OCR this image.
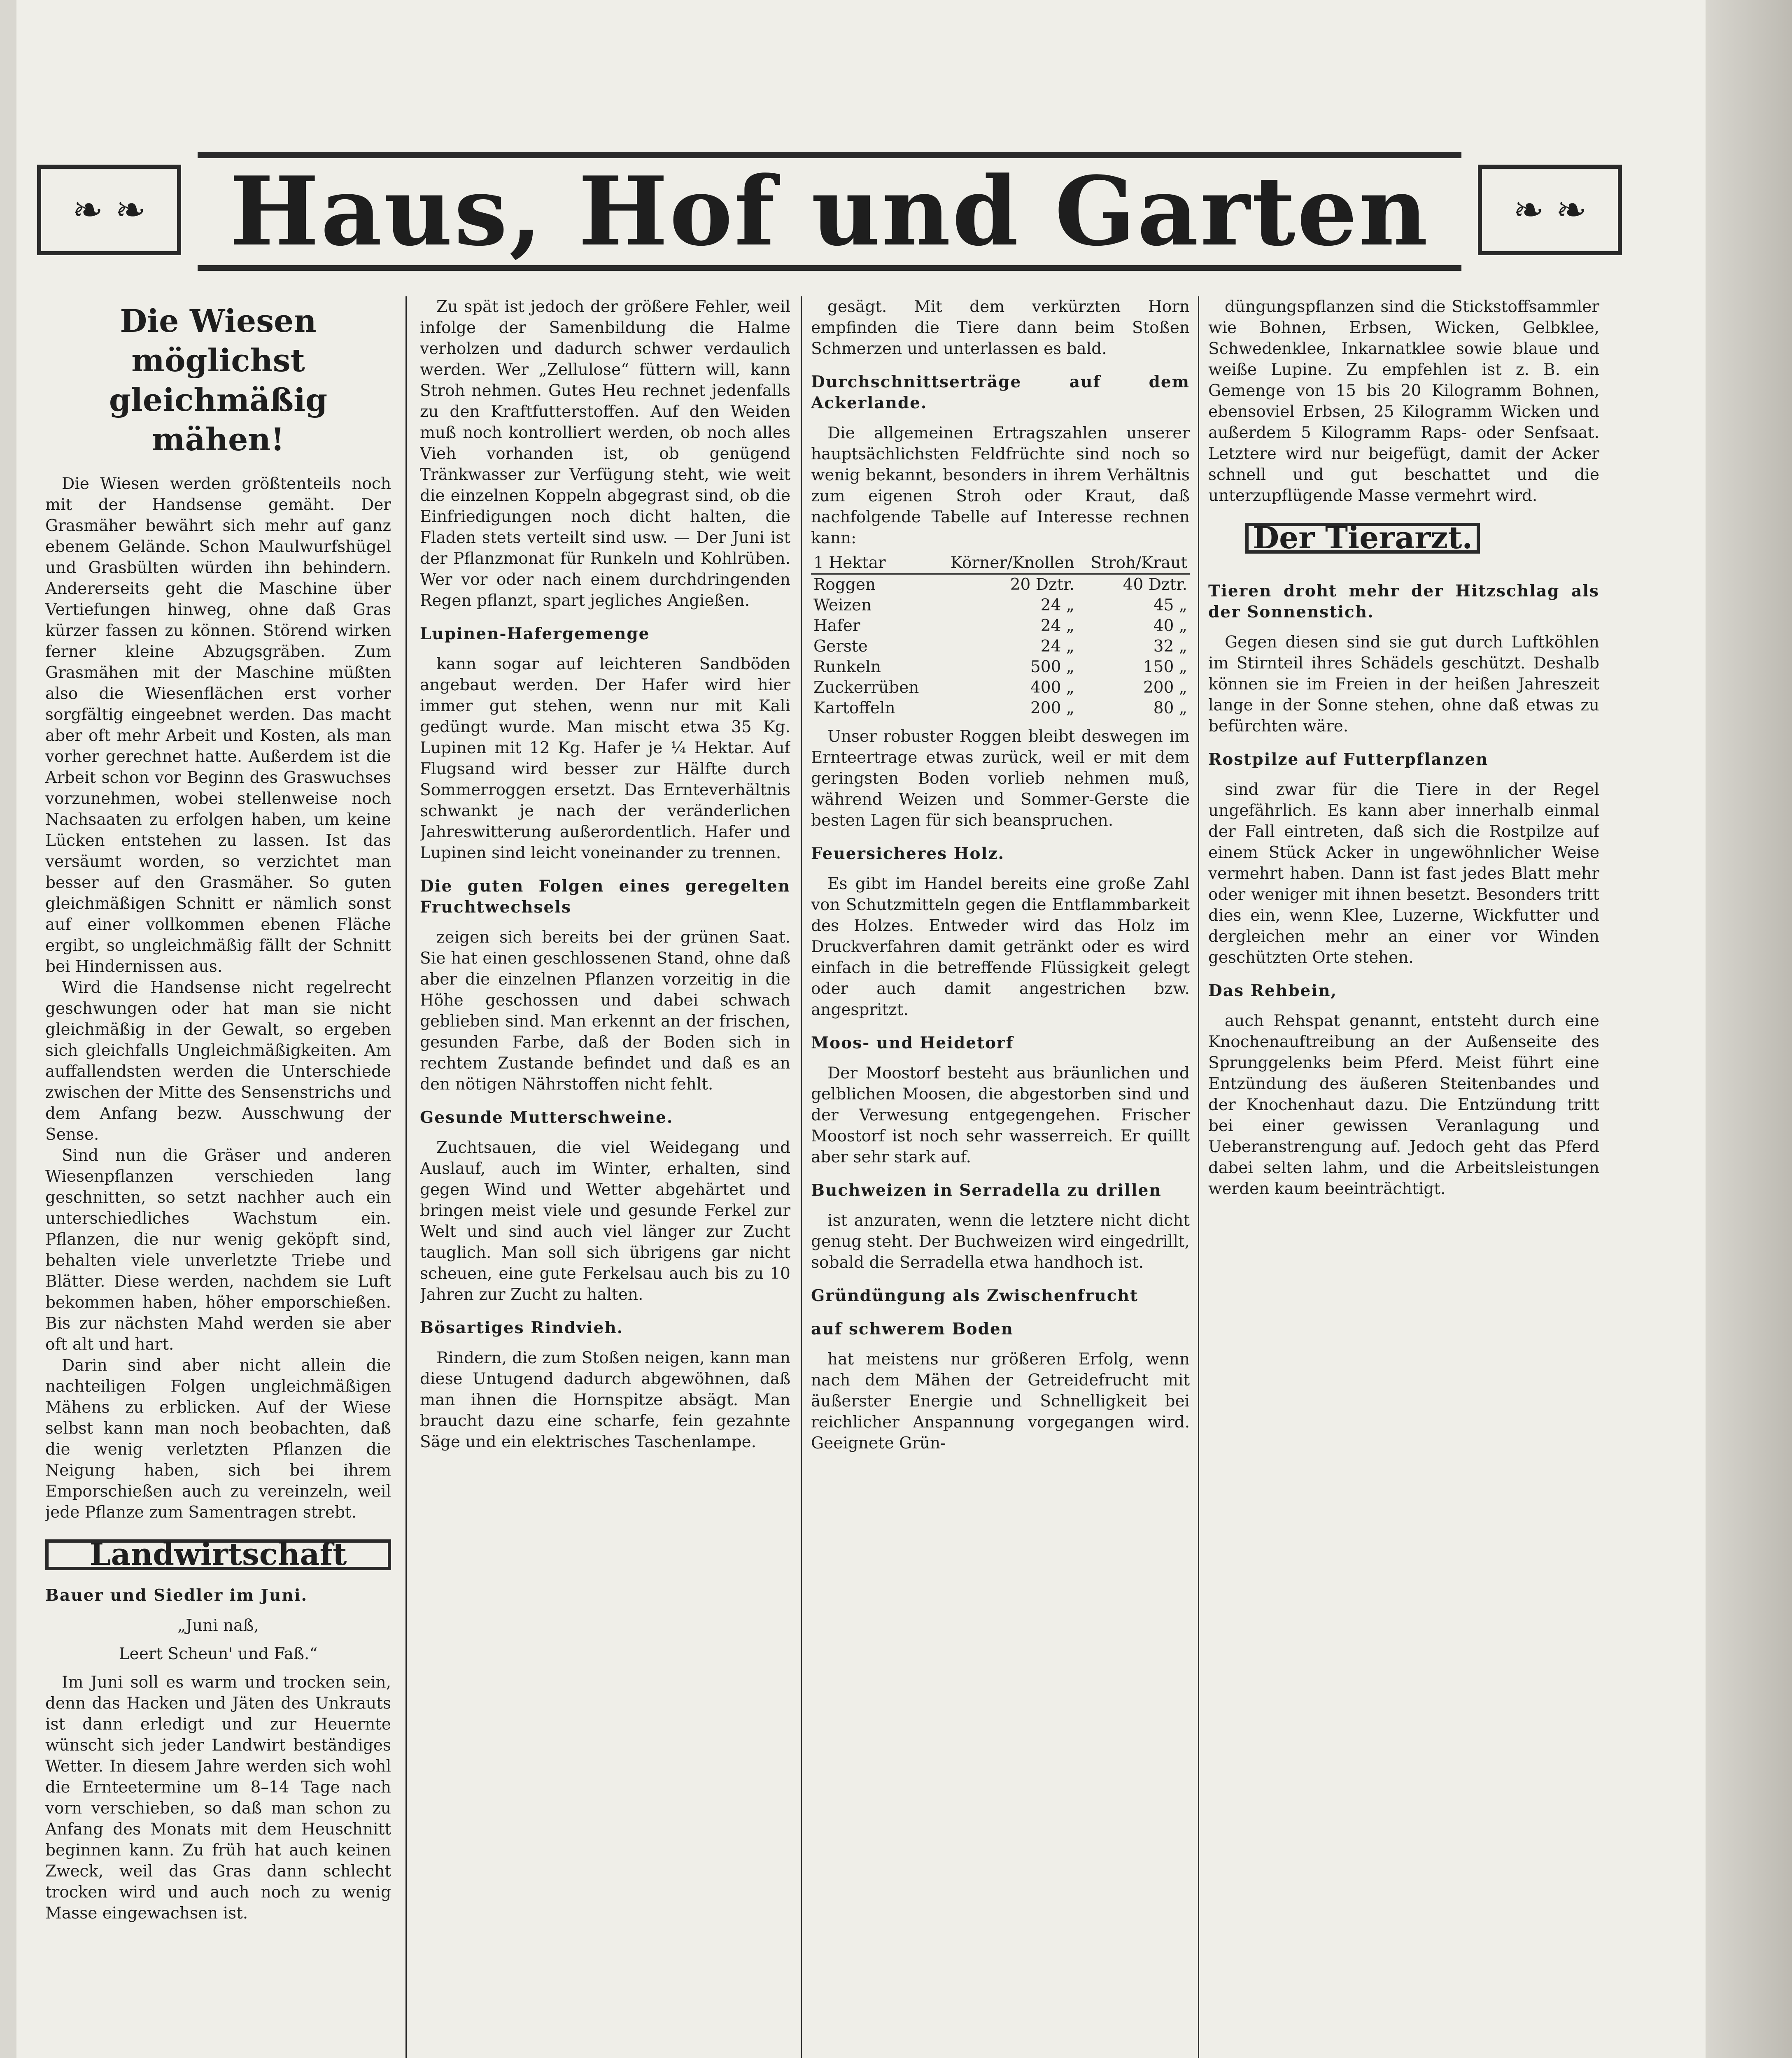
❧ ❧ Haus, Hof und Garten	❧ ❧
Die Wiesen möglichst gleichmäßig mähen!

Die Wiesen werden größtenteils noch mit der Handsense gemäht. Der Grasmäher bewährt sich mehr auf ganz ebenem Gelände. Schon Maulwurfshügel und Grasbülten würden ihn behindern. Andererseits geht die Maschine über Vertiefungen hinweg, ohne daß Gras kürzer fassen zu können. Störend wirken ferner kleine Abzugsgräben. Zum Grasmähen mit der Maschine müßten also die Wiesenflächen erst vorher sorgfältig eingeebnet werden. Das macht aber oft mehr Arbeit und Kosten, als man vorher gerechnet hatte. Außerdem ist die Arbeit schon vor Beginn des Graswuchses vorzunehmen, wobei stellenweise noch Nachsaaten zu erfolgen haben, um keine Lücken entstehen zu lassen. Ist das versäumt worden, so verzichtet man besser auf den Grasmäher. So guten gleichmäßigen Schnitt er nämlich sonst auf einer vollkommen ebenen Fläche ergibt, so ungleichmäßig fällt der Schnitt bei Hindernissen aus.

Wird die Handsense nicht regelrecht geschwungen oder hat man sie nicht gleichmäßig in der Gewalt, so ergeben sich gleichfalls Ungleichmäßigkeiten. Am auffallendsten werden die Unterschiede zwischen der Mitte des Sensenstrichs und dem Anfang bezw. Ausschwung der Sense.

Sind nun die Gräser und anderen Wiesenpflanzen verschieden lang geschnitten, so setzt nachher auch ein unterschiedliches Wachstum ein. Pflanzen, die nur wenig geköpft sind, behalten viele unverletzte Triebe und Blätter. Diese werden, nachdem sie Luft bekommen haben, höher emporschießen. Bis zur nächsten Mahd werden sie aber oft alt und hart.

Darin sind aber nicht allein die nachteiligen Folgen ungleichmäßigen Mähens zu erblicken. Auf der Wiese selbst kann man noch beobachten, daß die wenig verletzten Pflanzen die Neigung haben, sich bei ihrem Emporschießen auch zu vereinzeln, weil jede Pflanze zum Samentragen strebt.

Landwirtschaft
Bauer und Siedler im Juni.
„Juni naß,
Leert Scheun' und Faß.“

Im Juni soll es warm und trocken sein, denn das Hacken und Jäten des Unkrauts ist dann erledigt und zur Heuernte wünscht sich jeder Landwirt beständiges Wetter. In diesem Jahre werden sich wohl die Ernteetermine um 8–14 Tage nach vorn verschieben, so daß man schon zu Anfang des Monats mit dem Heuschnitt beginnen kann. Zu früh hat auch keinen Zweck, weil das Gras dann schlecht trocken wird und auch noch zu wenig Masse eingewachsen ist.

Zu spät ist jedoch der größere Fehler, weil infolge der Samenbildung die Halme verholzen und dadurch schwer verdaulich werden. Wer „Zellulose“ füttern will, kann Stroh nehmen. Gutes Heu rechnet jedenfalls zu den Kraftfutterstoffen. Auf den Weiden muß noch kontrolliert werden, ob noch alles Vieh vorhanden ist, ob genügend Tränkwasser zur Verfügung steht, wie weit die einzelnen Koppeln abgegrast sind, ob die Einfriedigungen noch dicht halten, die Fladen stets verteilt sind usw. — Der Juni ist der Pflanzmonat für Runkeln und Kohlrüben. Wer vor oder nach einem durchdringenden Regen pflanzt, spart jegliches Angießen.

Lupinen-Hafergemenge

kann sogar auf leichteren Sandböden angebaut werden. Der Hafer wird hier immer gut stehen, wenn nur mit Kali gedüngt wurde. Man mischt etwa 35 Kg. Lupinen mit 12 Kg. Hafer je ¼ Hektar. Auf Flugsand wird besser zur Hälfte durch Sommerroggen ersetzt. Das Ernteverhältnis schwankt je nach der veränderlichen Jahreswitterung außerordentlich. Hafer und Lupinen sind leicht voneinander zu trennen.

Die guten Folgen eines geregelten Fruchtwechsels

zeigen sich bereits bei der grünen Saat. Sie hat einen geschlossenen Stand, ohne daß aber die einzelnen Pflanzen vorzeitig in die Höhe geschossen und dabei schwach geblieben sind. Man erkennt an der frischen, gesunden Farbe, daß der Boden sich in rechtem Zustande befindet und daß es an den nötigen Nährstoffen nicht fehlt.

Gesunde Mutterschweine.

Zuchtsauen, die viel Weidegang und Auslauf, auch im Winter, erhalten, sind gegen Wind und Wetter abgehärtet und bringen meist viele und gesunde Ferkel zur Welt und sind auch viel länger zur Zucht tauglich. Man soll sich übrigens gar nicht scheuen, eine gute Ferkelsau auch bis zu 10 Jahren zur Zucht zu halten.

Bösartiges Rindvieh.

Rindern, die zum Stoßen neigen, kann man diese Untugend dadurch abgewöhnen, daß man ihnen die Hornspitze absägt. Man braucht dazu eine scharfe, fein gezahnte Säge und ein elektrisches Taschenlampe.

gesägt. Mit dem verkürzten Horn empfinden die Tiere dann beim Stoßen Schmerzen und unterlassen es bald.

Durchschnittserträge auf dem Ackerlande.

Die allgemeinen Ertragszahlen unserer hauptsächlichsten Feldfrüchte sind noch so wenig bekannt, besonders in ihrem Verhältnis zum eigenen Stroh oder Kraut, daß nachfolgende Tabelle auf Interesse rechnen kann:

1 Hektar	Körner/Knollen	Stroh/Kraut
Roggen	20 Dztr.	40 Dztr.
Weizen	24 „	45 „
Hafer	24 „	40 „
Gerste	24 „	32 „
Runkeln	500 „	150 „
Zuckerrüben	400 „	200 „
Kartoffeln	200 „	80 „

Unser robuster Roggen bleibt deswegen im Ernteertrage etwas zurück, weil er mit dem geringsten Boden vorlieb nehmen muß, während Weizen und Sommer-Gerste die besten Lagen für sich beanspruchen.

Feuersicheres Holz.

Es gibt im Handel bereits eine große Zahl von Schutzmitteln gegen die Entflammbarkeit des Holzes. Entweder wird das Holz im Druckverfahren damit getränkt oder es wird einfach in die betreffende Flüssigkeit gelegt oder auch damit angestrichen bzw. angespritzt.

Moos- und Heidetorf

Der Moostorf besteht aus bräunlichen und gelblichen Moosen, die abgestorben sind und der Verwesung entgegengehen. Frischer Moostorf ist noch sehr wasserreich. Er quillt aber sehr stark auf.

Buchweizen in Serradella zu drillen

ist anzuraten, wenn die letztere nicht dicht genug steht. Der Buchweizen wird eingedrillt, sobald die Serradella etwa handhoch ist.

Gründüngung als Zwischenfrucht
auf schwerem Boden

hat meistens nur größeren Erfolg, wenn nach dem Mähen der Getreidefrucht mit äußerster Energie und Schnelligkeit bei reichlicher Anspannung vorgegangen wird. Geeignete Grün-

düngungspflanzen sind die Stickstoffsammler wie Bohnen, Erbsen, Wicken, Gelbklee, Schwedenklee, Inkarnatklee sowie blaue und weiße Lupine. Zu empfehlen ist z. B. ein Gemenge von 15 bis 20 Kilogramm Bohnen, ebensoviel Erbsen, 25 Kilogramm Wicken und außerdem 5 Kilogramm Raps- oder Senfsaat. Letztere wird nur beigefügt, damit der Acker schnell und gut beschattet und die unterzupflügende Masse vermehrt wird.

Der Tierarzt.
Tieren droht mehr der Hitzschlag als der Sonnenstich.

Gegen diesen sind sie gut durch Luftköhlen im Stirnteil ihres Schädels geschützt. Deshalb können sie im Freien in der heißen Jahreszeit lange in der Sonne stehen, ohne daß etwas zu befürchten wäre.

Rostpilze auf Futterpflanzen

sind zwar für die Tiere in der Regel ungefährlich. Es kann aber innerhalb einmal der Fall eintreten, daß sich die Rostpilze auf einem Stück Acker in ungewöhnlicher Weise vermehrt haben. Dann ist fast jedes Blatt mehr oder weniger mit ihnen besetzt. Besonders tritt dies ein, wenn Klee, Luzerne, Wickfutter und dergleichen mehr an einer vor Winden geschützten Orte stehen.

Das Rehbein,

auch Rehspat genannt, entsteht durch eine Knochenauftreibung an der Außenseite des Sprunggelenks beim Pferd. Meist führt eine Entzündung des äußeren Steitenbandes und der Knochenhaut dazu. Die Entzündung tritt bei einer gewissen Veranlagung und Ueberanstrengung auf. Jedoch geht das Pferd dabei selten lahm, und die Arbeitsleistungen werden kaum beeinträchtigt.
